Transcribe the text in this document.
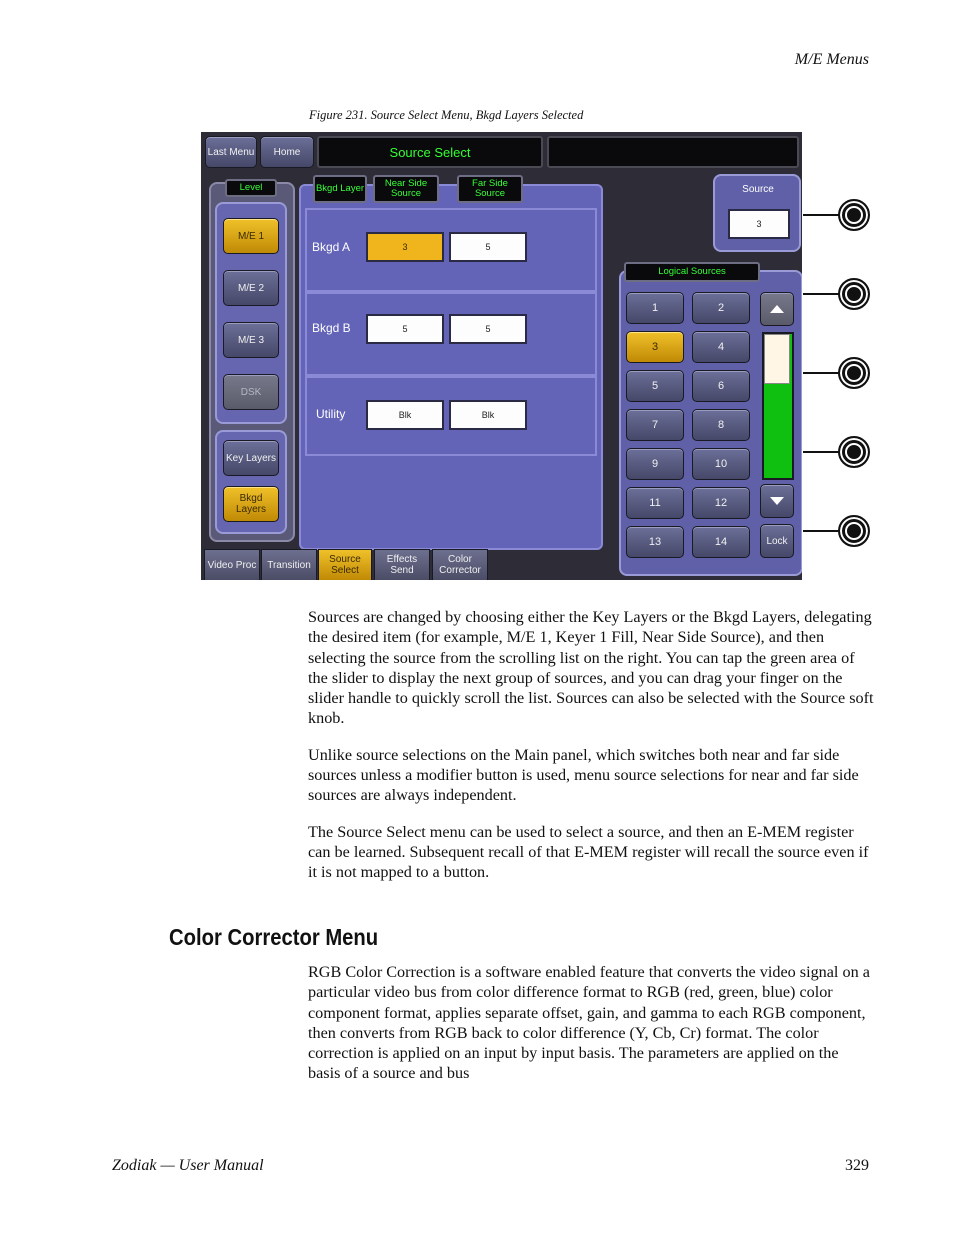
M/E Menus
Figure 231. Source Select Menu, Bkgd Layers Selected
Last Menu	Home	Source Select
Level
M/E 1
M/E 2
M/E 3
DSK
Key Layers
Bkgd Layers
Bkgd Layer	Near Side Source
Far Side Source
Bkgd A	3	5
Bkgd B	5	5
Utility	Blk	Blk
Source
3
Logical Sources
1	2
3	4
5	6
7	8
9	10
11	12
13	14	Lock
Video Proc	Transition	Source Select
Effects Send
Color Corrector

Sources are changed by choosing either the Key Layers or the Bkgd Layers, delegating the desired item (for example, M/E 1, Keyer 1 Fill, Near Side Source), and then selecting the source from the scrolling list on the right. You can tap the green area of the slider to display the next group of sources, and you can drag your finger on the slider handle to quickly scroll the list. Sources can also be selected with the Source soft knob.

Unlike source selections on the Main panel, which switches both near and far side sources unless a modifier button is used, menu source selections for near and far side sources are always independent.

The Source Select menu can be used to select a source, and then an E-MEM register can be learned. Subsequent recall of that E-MEM register will recall the source even if it is not mapped to a button.

Color Corrector Menu

RGB Color Correction is a software enabled feature that converts the video signal on a particular video bus from color difference format to RGB (red, green, blue) color component format, applies separate offset, gain, and gamma to each RGB component, then converts from RGB back to color difference (Y, Cb, Cr) format. The color correction is applied on an input by input basis. The parameters are applied on the basis of a source and bus

Zodiak — User Manual	329
